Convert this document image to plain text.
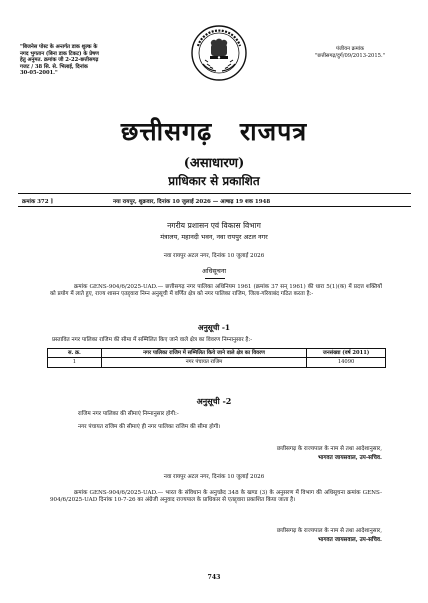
"बिजनेस पोस्ट के अन्तर्गत डाक शुल्क के
नगद भुगतान (बिना डाक टिकट) के प्रेषण
हेतु अनुमत. क्रमांक जी 2-22-छत्तीसगढ़
गजट / 38 सि. से. भिलाई, दिनांक
30-05-2001."
पंजीयन क्रमांक
"छत्तीसगढ़/दुर्ग/09/2013-2015."
छत्तीसगढ़ राजपत्र
(असाधारण)
प्राधिकार से प्रकाशित
क्रमांक 372 ]	नया रायपुर, शुक्रवार, दिनांक 10 जुलाई 2026 — आषाढ़ 19 शक 1948
नगरीय प्रशासन एवं विकास विभाग
मंत्रालय, महानदी भवन, नवा रायपुर अटल नगर
नवा रायपुर अटल नगर, दिनांक 10 जुलाई 2026
अधिसूचना
क्रमांक GENS-904/6/2025-UAD.— छत्तीसगढ़ नगर पालिका अधिनियम 1961 (क्रमांक 37 सन् 1961) की धारा 5(1)(क) में प्रदत्त शक्तियों को प्रयोग में लाते हुए, राज्य शासन एतद्द्वारा निम्न अनुसूची में वर्णित क्षेत्र को नगर पालिका राजिम, जिला-गरियाबंद गठित करता है:-
अनुसूची -1
प्रस्तावित नगर पालिका राजिम की सीमा में सम्मिलित किए जाने वाले क्षेत्र का विवरण निम्नानुसार है:-
स. क्र.	नगर पालिका राजिम में सम्मिलित किये जाने वाले क्षेत्र का विवरण	जनसंख्या (वर्ष 2011)
1	नगर पंचायत राजिम	14090
अनुसूची -2
राजिम नगर पालिका की सीमाएं निम्नानुसार होगी:-
नगर पंचायत राजिम की सीमाएं ही नगर पालिका राजिम की सीमा होगी।
छत्तीसगढ़ के राज्यपाल के नाम से तथा आदेशानुसार,
भागवत जायसवाल, उप-सचिव.
नवा रायपुर अटल नगर, दिनांक 10 जुलाई 2026
क्रमांक GENS-904/6/2025-UAD.— भारत के संविधान के अनुच्छेद 348 के खण्ड (3) के अनुसरण में विभाग की अधिसूचना क्रमांक GENS-904/6/2025-UAD दिनांक 10-7-26 का अंग्रेजी अनुवाद राज्यपाल के प्राधिकार से एतद्द्वारा प्रकाशित किया जाता है।
छत्तीसगढ़ के राज्यपाल के नाम से तथा आदेशानुसार,
भागवत जायसवाल, उप-सचिव.
743
